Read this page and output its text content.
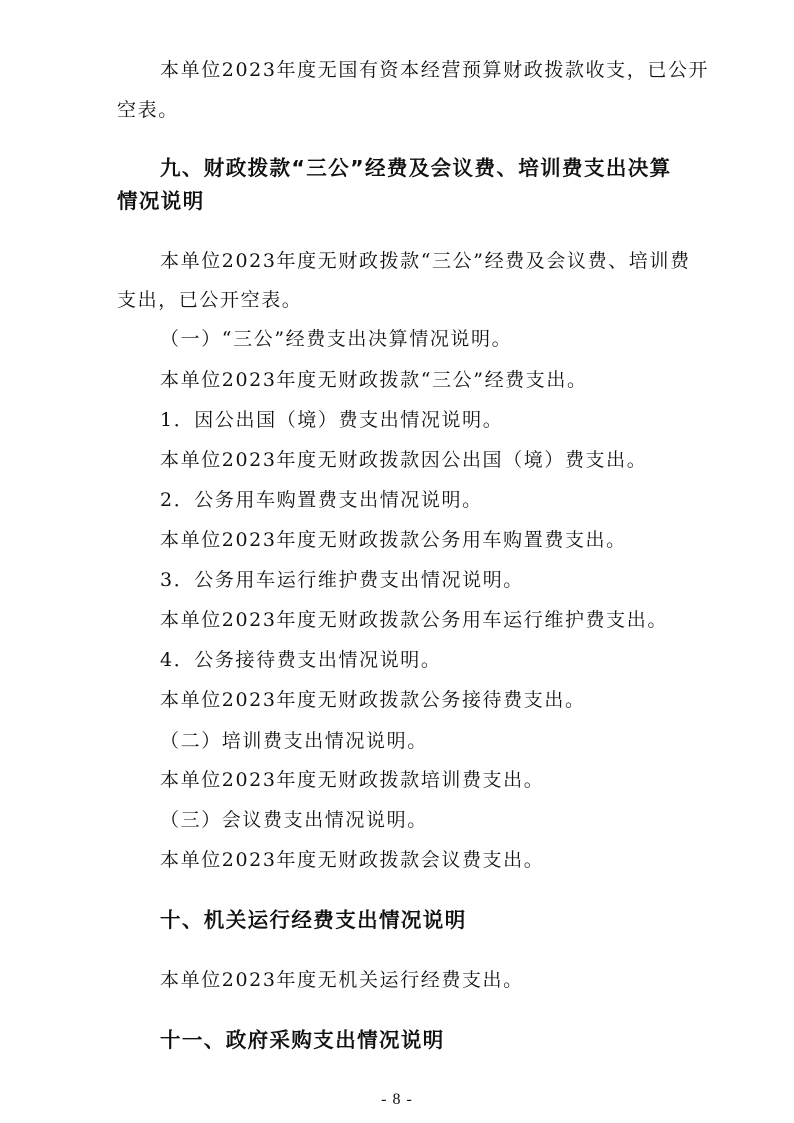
本单位2023年度无国有资本经营预算财政拨款收支，已公开
空表。
九、财政拨款“三公”经费及会议费、培训费支出决算
情况说明
本单位2023年度无财政拨款“三公”经费及会议费、培训费
支出，已公开空表。
（一）“三公”经费支出决算情况说明。
本单位2023年度无财政拨款“三公”经费支出。
1．因公出国（境）费支出情况说明。
本单位2023年度无财政拨款因公出国（境）费支出。
2．公务用车购置费支出情况说明。
本单位2023年度无财政拨款公务用车购置费支出。
3．公务用车运行维护费支出情况说明。
本单位2023年度无财政拨款公务用车运行维护费支出。
4．公务接待费支出情况说明。
本单位2023年度无财政拨款公务接待费支出。
（二）培训费支出情况说明。
本单位2023年度无财政拨款培训费支出。
（三）会议费支出情况说明。
本单位2023年度无财政拨款会议费支出。
十、机关运行经费支出情况说明
本单位2023年度无机关运行经费支出。
十一、政府采购支出情况说明
- 8 -
